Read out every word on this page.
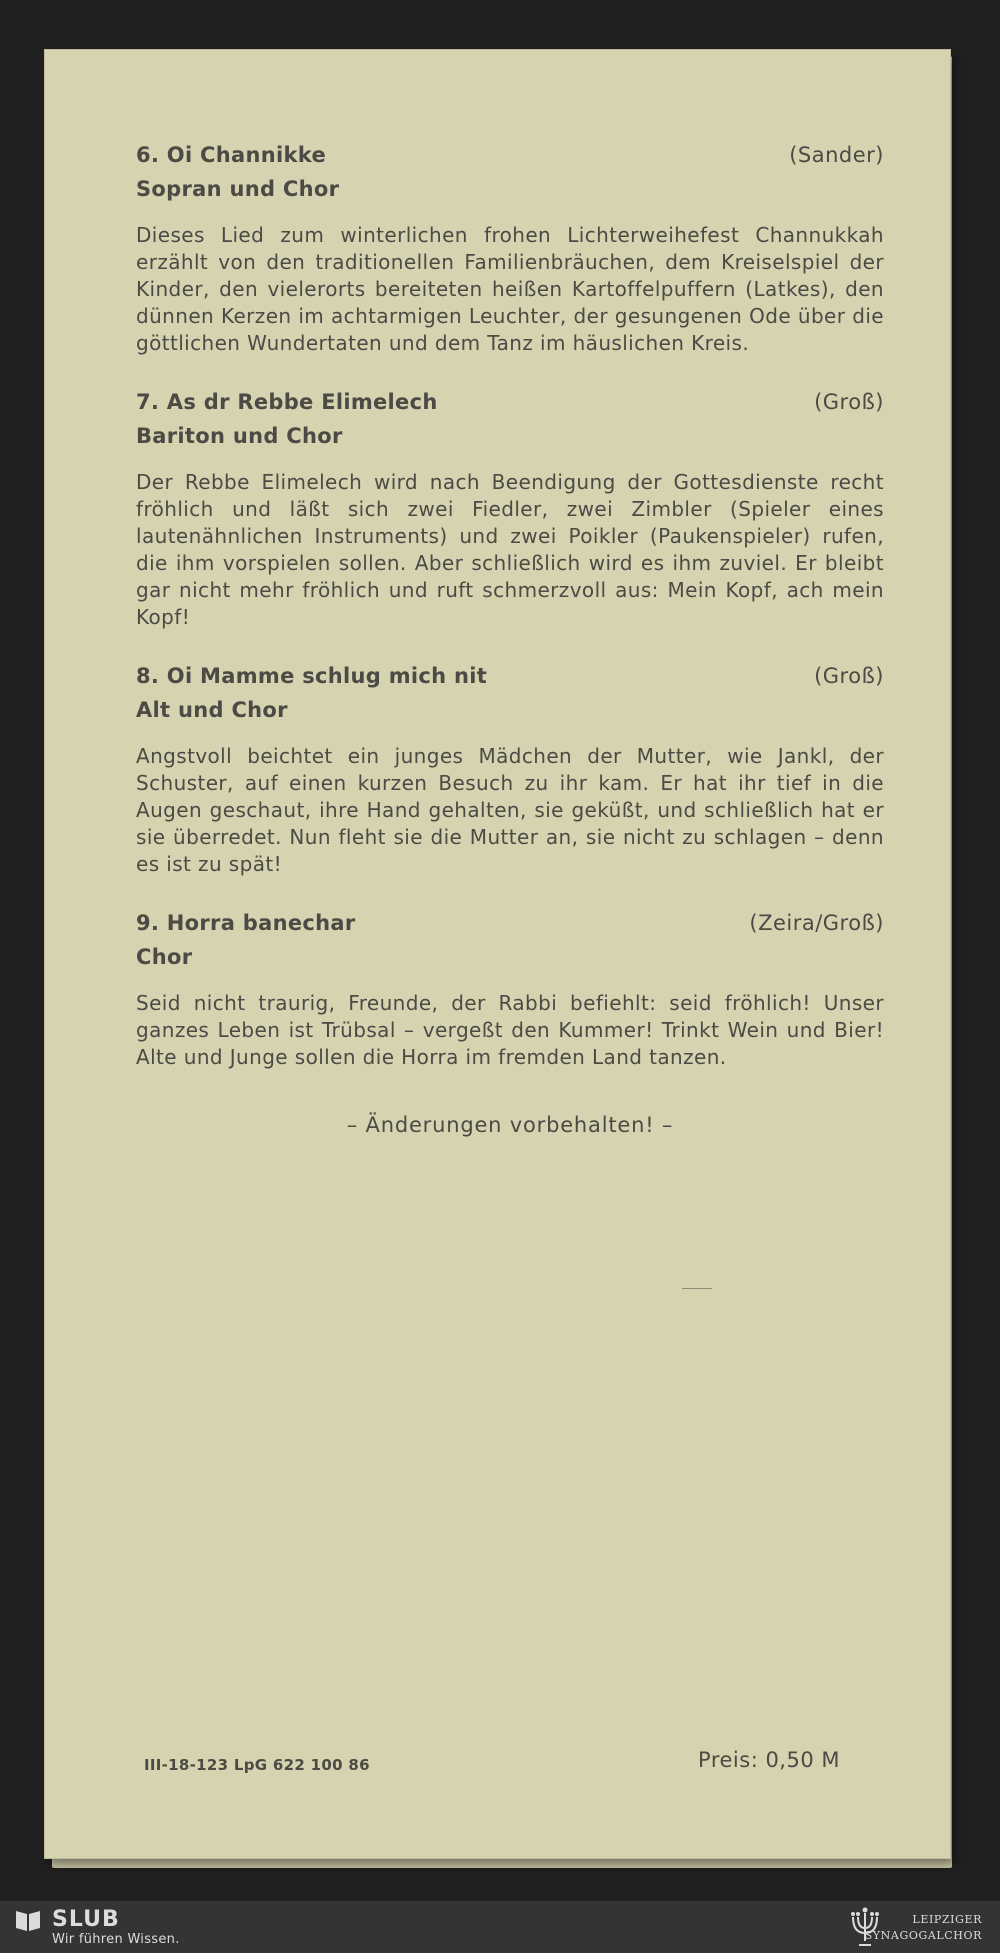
6. Oi Channikke	(Sander)
Sopran und Chor
Dieses Lied zum winterlichen frohen Lichterweihefest Channukkah erzählt von den traditionellen Familienbräuchen, dem Kreiselspiel der Kinder, den vielerorts bereiteten heißen Kartoffelpuffern (Latkes), den dünnen Kerzen im achtarmigen Leuchter, der gesungenen Ode über die göttlichen Wundertaten und dem Tanz im häuslichen Kreis.
7. As dr Rebbe Elimelech	(Groß)
Bariton und Chor
Der Rebbe Elimelech wird nach Beendigung der Gottesdienste recht fröhlich und läßt sich zwei Fiedler, zwei Zimbler (Spieler eines lautenähnlichen Instruments) und zwei Poikler (Paukenspieler) rufen, die ihm vorspielen sollen. Aber schließlich wird es ihm zuviel. Er bleibt gar nicht mehr fröhlich und ruft schmerzvoll aus: Mein Kopf, ach mein Kopf!
8. Oi Mamme schlug mich nit	(Groß)
Alt und Chor
Angstvoll beichtet ein junges Mädchen der Mutter, wie Jankl, der Schuster, auf einen kurzen Besuch zu ihr kam. Er hat ihr tief in die Augen geschaut, ihre Hand gehalten, sie geküßt, und schließlich hat er sie überredet. Nun fleht sie die Mutter an, sie nicht zu schlagen – denn es ist zu spät!
9. Horra banechar	(Zeira/Groß)
Chor
Seid nicht traurig, Freunde, der Rabbi befiehlt: seid fröhlich! Unser ganzes Leben ist Trübsal – vergeßt den Kummer! Trinkt Wein und Bier! Alte und Junge sollen die Horra im fremden Land tanzen.
– Änderungen vorbehalten! –
III-18-123 LpG 622 100 86	Preis: 0,50 M
SLUB
Wir führen Wissen.
LEIPZIGER
SYNAGOGALCHOR
